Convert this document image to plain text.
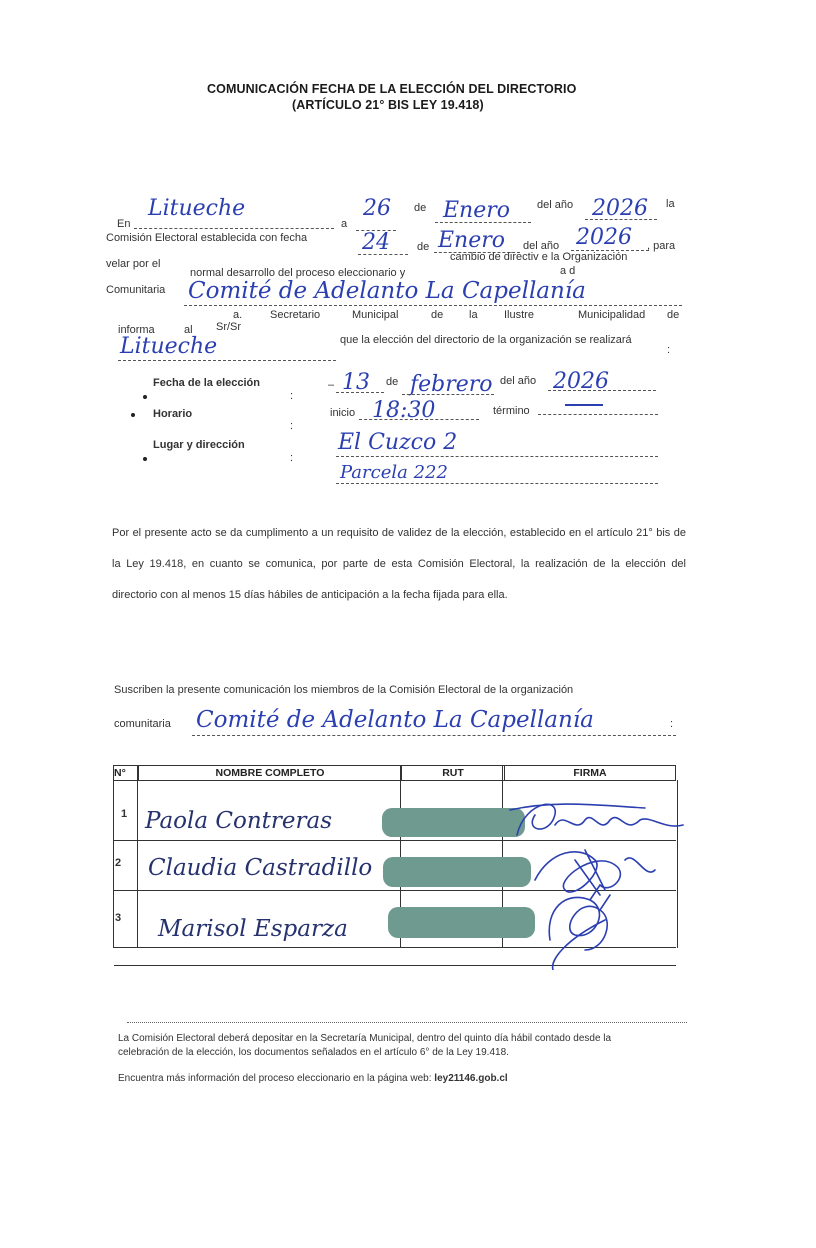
COMUNICACIÓN FECHA DE LA ELECCIÓN DEL DIRECTORIO
(ARTÍCULO 21° BIS LEY 19.418)
En
Litueche
a
26 de Enero del año 2026 la
Comisión Electoral establecida con fecha 24 de Enero del año 2026 , para
velar por el
cambio de directiv e la Organización
normal desarrollo del proceso eleccionario y	a d
Comunitaria Comité de Adelanto La Capellanía
a.	Secretario	Municipal	de la Ilustre	Municipalidad de
informa	al Sr/Sr
Litueche	que la elección del directorio de la organización se realizará
:
Fecha de la elección
:
– 13 de febrero del año 2026
Horario
:
inicio 18:30	término
Lugar y dirección
:
El Cuzco 2
Parcela 222
Por el presente acto se da cumplimento a un requisito de validez de la elección, establecido en el artículo 21° bis de la Ley 19.418, en cuanto se comunica, por parte de esta Comisión Electoral, la realización de la elección del directorio con al menos 15 días hábiles de anticipación a la fecha fijada para ella.
Suscriben la presente comunicación los miembros de la Comisión Electoral de la organización
comunitaria Comité de Adelanto La Capellanía	:
N°	NOMBRE COMPLETO	RUT	FIRMA

1 Paola Contreras
2 Claudia Castradillo
3 Marisol Esparza
La Comisión Electoral deberá depositar en la Secretaría Municipal, dentro del quinto día hábil contado desde la
celebración de la elección, los documentos señalados en el artículo 6° de la Ley 19.418.
Encuentra más información del proceso eleccionario en la página web: ley21146.gob.cl
